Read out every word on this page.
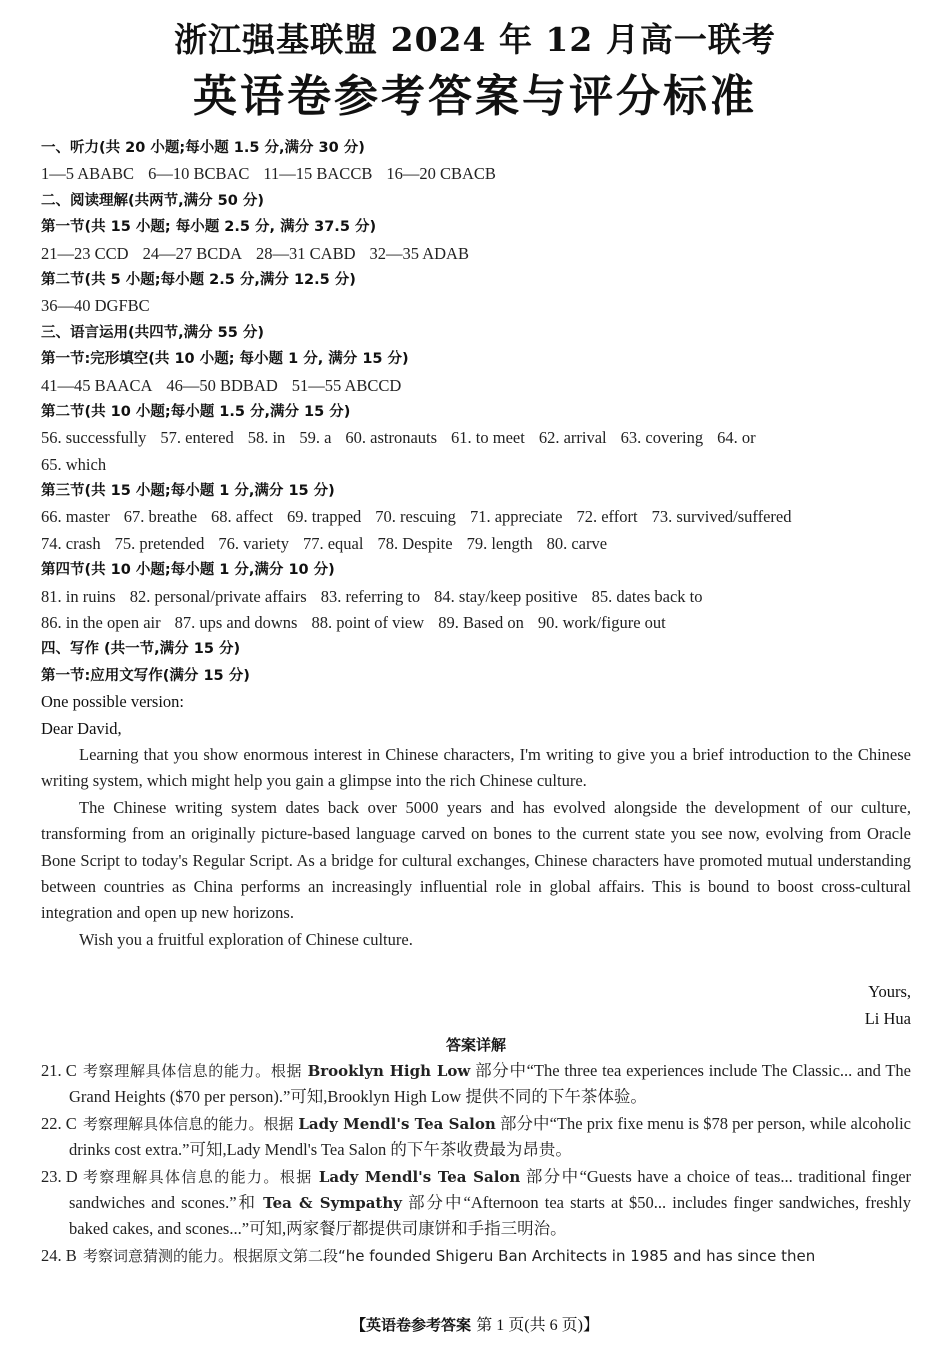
浙江强基联盟 2024 年 12 月高一联考
英语卷参考答案与评分标准
一、听力(共 20 小题;每小题 1.5 分,满分 30 分)
1—5 ABABC 6—10 BCBAC 11—15 BACCB 16—20 CBACB
二、阅读理解(共两节,满分 50 分)
第一节(共 15 小题; 每小题 2.5 分, 满分 37.5 分)
21—23 CCD 24—27 BCDA 28—31 CABD 32—35 ADAB
第二节(共 5 小题;每小题 2.5 分,满分 12.5 分)
36—40 DGFBC
三、语言运用(共四节,满分 55 分)
第一节:完形填空(共 10 小题; 每小题 1 分, 满分 15 分)
41—45 BAACA 46—50 BDBAD 51—55 ABCCD
第二节(共 10 小题;每小题 1.5 分,满分 15 分)
56. successfully 57. entered 58. in 59. a 60. astronauts 61. to meet 62. arrival 63. covering 64. or
65. which
第三节(共 15 小题;每小题 1 分,满分 15 分)
66. master 67. breathe 68. affect 69. trapped 70. rescuing 71. appreciate 72. effort 73. survived/suffered
74. crash 75. pretended 76. variety 77. equal 78. Despite 79. length 80. carve
第四节(共 10 小题;每小题 1 分,满分 10 分)
81. in ruins 82. personal/private affairs 83. referring to 84. stay/keep positive 85. dates back to
86. in the open air 87. ups and downs 88. point of view 89. Based on 90. work/figure out
四、写作 (共一节,满分 15 分)
第一节:应用文写作(满分 15 分)
One possible version:
Dear David,
Learning that you show enormous interest in Chinese characters, I'm writing to give you a brief introduction to the Chinese writing system, which might help you gain a glimpse into the rich Chinese culture.
The Chinese writing system dates back over 5000 years and has evolved alongside the development of our culture, transforming from an originally picture-based language carved on bones to the current state you see now, evolving from Oracle Bone Script to today's Regular Script. As a bridge for cultural exchanges, Chinese characters have promoted mutual understanding between countries as China performs an increasingly influential role in global affairs. This is bound to boost cross-cultural integration and open up new horizons.
Wish you a fruitful exploration of Chinese culture.
Yours,
Li Hua
答案详解
21. C 考察理解具体信息的能力。根据 Brooklyn High Low 部分中“The three tea experiences include The Classic... and The Grand Heights ($70 per person).”可知,Brooklyn High Low 提供不同的下午茶体验。
22. C 考察理解具体信息的能力。根据 Lady Mendl's Tea Salon 部分中“The prix fixe menu is $78 per person, while alcoholic drinks cost extra.”可知,Lady Mendl's Tea Salon 的下午茶收费最为昂贵。
23. D 考察理解具体信息的能力。根据 Lady Mendl's Tea Salon 部分中“Guests have a choice of teas... traditional finger sandwiches and scones.”和 Tea & Sympathy 部分中“Afternoon tea starts at $50... includes finger sandwiches, freshly baked cakes, and scones...”可知,两家餐厅都提供司康饼和手指三明治。
24. B 考察词意猜测的能力。根据原文第二段“he founded Shigeru Ban Architects in 1985 and has since then
【英语卷参考答案 第 1 页(共 6 页)】
